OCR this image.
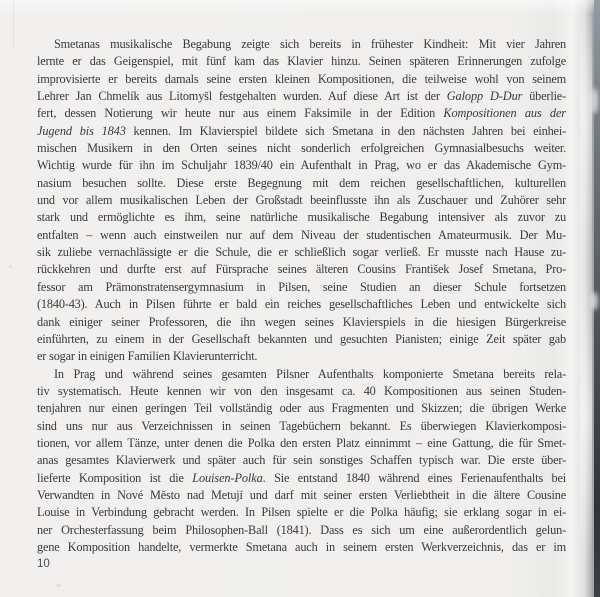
Smetanas musikalische Begabung zeigte sich bereits in frühester Kindheit: Mit vier Jahren
lernte er das Geigenspiel, mit fünf kam das Klavier hinzu. Seinen späteren Erinnerungen zufolge
improvisierte er bereits damals seine ersten kleinen Kompositionen, die teilweise wohl von seinem
Lehrer Jan Chmelík aus Litomyšl festgehalten wurden. Auf diese Art ist der Galopp D-Dur überlie-
fert, dessen Notierung wir heute nur aus einem Faksimile in der Edition Kompositionen aus der
Jugend bis 1843 kennen. Im Klavierspiel bildete sich Smetana in den nächsten Jahren bei einhei-
mischen Musikern in den Orten seines nicht sonderlich erfolgreichen Gymnasialbesuchs weiter.
Wichtig wurde für ihn im Schuljahr 1839/40 ein Aufenthalt in Prag, wo er das Akademische Gym-
nasium besuchen sollte. Diese erste Begegnung mit dem reichen gesellschaftlichen, kulturellen
und vor allem musikalischen Leben der Großstadt beeinflusste ihn als Zuschauer und Zuhörer sehr
stark und ermöglichte es ihm, seine natürliche musikalische Begabung intensiver als zuvor zu
entfalten – wenn auch einstweilen nur auf dem Niveau der studentischen Amateurmusik. Der Mu-
sik zuliebe vernachlässigte er die Schule, die er schließlich sogar verließ. Er musste nach Hause zu-
rückkehren und durfte erst auf Fürsprache seines älteren Cousins František Josef Smetana, Pro-
fessor am Prämonstratensergymnasium in Pilsen, seine Studien an dieser Schule fortsetzen
(1840-43). Auch in Pilsen führte er bald ein reiches gesellschaftliches Leben und entwickelte sich
dank einiger seiner Professoren, die ihn wegen seines Klavierspiels in die hiesigen Bürgerkreise
einführten, zu einem in der Gesellschaft bekannten und gesuchten Pianisten; einige Zeit später gab
er sogar in einigen Familien Klavierunterricht.
In Prag und während seines gesamten Pilsner Aufenthalts komponierte Smetana bereits rela-
tiv systematisch. Heute kennen wir von den insgesamt ca. 40 Kompositionen aus seinen Studen-
tenjahren nur einen geringen Teil vollständig oder aus Fragmenten und Skizzen; die übrigen Werke
sind uns nur aus Verzeichnissen in seinen Tagebüchern bekannt. Es überwiegen Klavierkomposi-
tionen, vor allem Tänze, unter denen die Polka den ersten Platz einnimmt – eine Gattung, die für Smet-
anas gesamtes Klavierwerk und später auch für sein sonstiges Schaffen typisch war. Die erste über-
lieferte Komposition ist die Louisen-Polka. Sie entstand 1840 während eines Ferienaufenthalts bei
Verwandten in Nové Město nad Metují und darf mit seiner ersten Verliebtheit in die ältere Cousine
Louise in Verbindung gebracht werden. In Pilsen spielte er die Polka häufig; sie erklang sogar in ei-
ner Orchesterfassung beim Philosophen-Ball (1841). Dass es sich um eine außerordentlich gelun-
gene Komposition handelte, vermerkte Smetana auch in seinem ersten Werkverzeichnis, das er im
10
